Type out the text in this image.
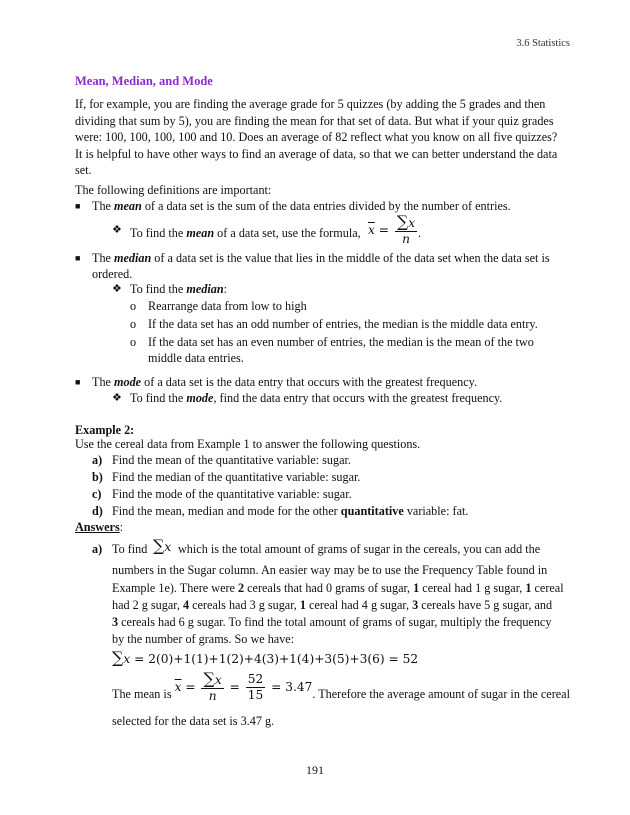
3.6 Statistics
Mean, Median, and Mode
If, for example, you are finding the average grade for 5 quizzes (by adding the 5 grades and then dividing that sum by 5), you are finding the mean for that set of data. But what if your quiz grades were: 100, 100, 100, 100 and 10. Does an average of 82 reflect what you know on all five quizzes? It is helpful to have other ways to find an average of data, so that we can better understand the data set.
The following definitions are important:
■ The mean of a data set is the sum of the data entries divided by the number of entries.
❖ To find the mean of a data set, use the formula, $\overline{x} = \frac{\sum x}{n}$ .
■ The median of a data set is the value that lies in the middle of the data set when the data set is
ordered.
❖ To find the median:
o Rearrange data from low to high
o If the data set has an odd number of entries, the median is the middle data entry.
o If the data set has an even number of entries, the median is the mean of the two
middle data entries.
■ The mode of a data set is the data entry that occurs with the greatest frequency.
❖ To find the mode, find the data entry that occurs with the greatest frequency.
Example 2:
Use the cereal data from Example 1 to answer the following questions.
a) Find the mean of the quantitative variable: sugar.
b) Find the median of the quantitative variable: sugar.
c) Find the mode of the quantitative variable: sugar.
d) Find the mean, median and mode for the other quantitative variable: fat.
Answers:
a) To find ∑x which is the total amount of grams of sugar in the cereals, you can add the
numbers in the Sugar column. An easier way may be to use the Frequency Table found in
Example 1e). There were 2 cereals that had 0 grams of sugar, 1 cereal had 1 g sugar, 1 cereal
had 2 g sugar, 4 cereals had 3 g sugar, 1 cereal had 4 g sugar, 3 cereals have 5 g sugar, and
3 cereals had 6 g sugar. To find the total amount of grams of sugar, multiply the frequency
by the number of grams. So we have:
∑x = 2(0)+1(1)+1(2)+4(3)+1(4)+3(5)+3(6) = 52
The mean is $\overline{x} = \frac{\sum x}{n} = \frac{52}{15} = 3.47$. Therefore the average amount of sugar in the cereal
selected for the data set is 3.47 g.
191
